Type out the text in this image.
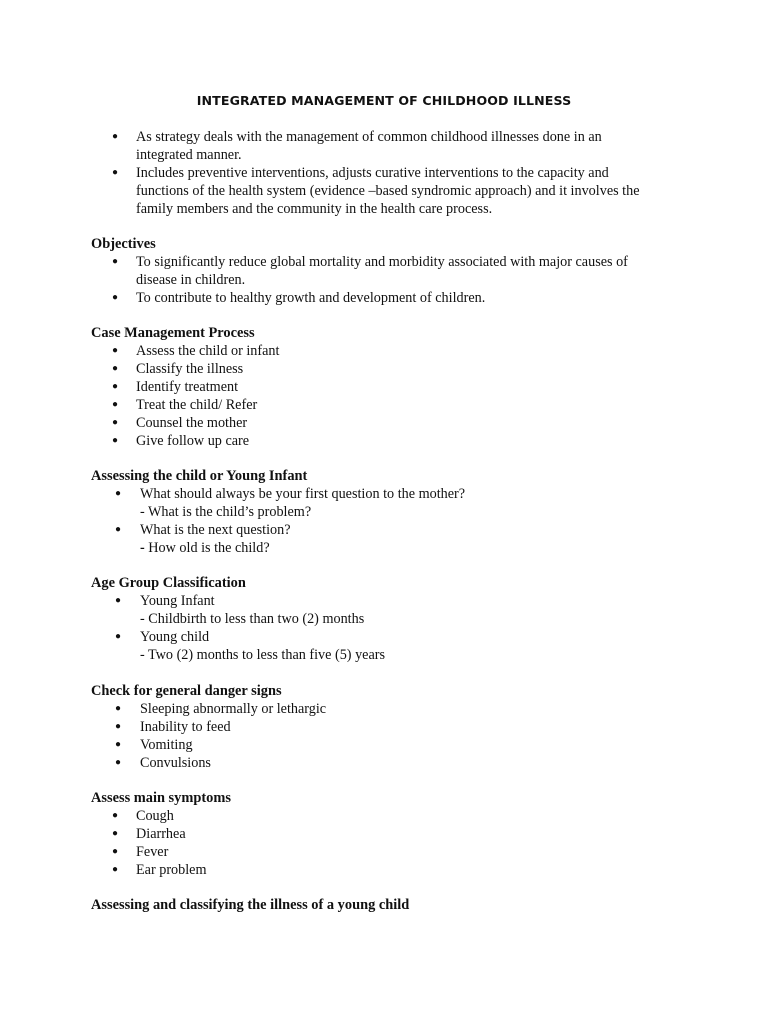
INTEGRATED MANAGEMENT OF CHILDHOOD ILLNESS
●	As strategy deals with the management of common childhood illnesses done in an
integrated manner.
●	Includes preventive interventions, adjusts curative interventions to the capacity and
functions of the health system (evidence –based syndromic approach) and it involves the
family members and the community in the health care process.
Objectives
●	To significantly reduce global mortality and morbidity associated with major causes of
disease in children.
●	To contribute to healthy growth and development of children.
Case Management Process
●	Assess the child or infant
●	Classify the illness
●	Identify treatment
●	Treat the child/ Refer
●	Counsel the mother
●	Give follow up care
Assessing the child or Young Infant
●	What should always be your first question to the mother?
- What is the child’s problem?
●	What is the next question?
- How old is the child?
Age Group Classification
●	Young Infant
- Childbirth to less than two (2) months
●	Young child
- Two (2) months to less than five (5) years
Check for general danger signs
●	Sleeping abnormally or lethargic
●	Inability to feed
●	Vomiting
●	Convulsions
Assess main symptoms
●	Cough
●	Diarrhea
●	Fever
●	Ear problem
Assessing and classifying the illness of a young child
